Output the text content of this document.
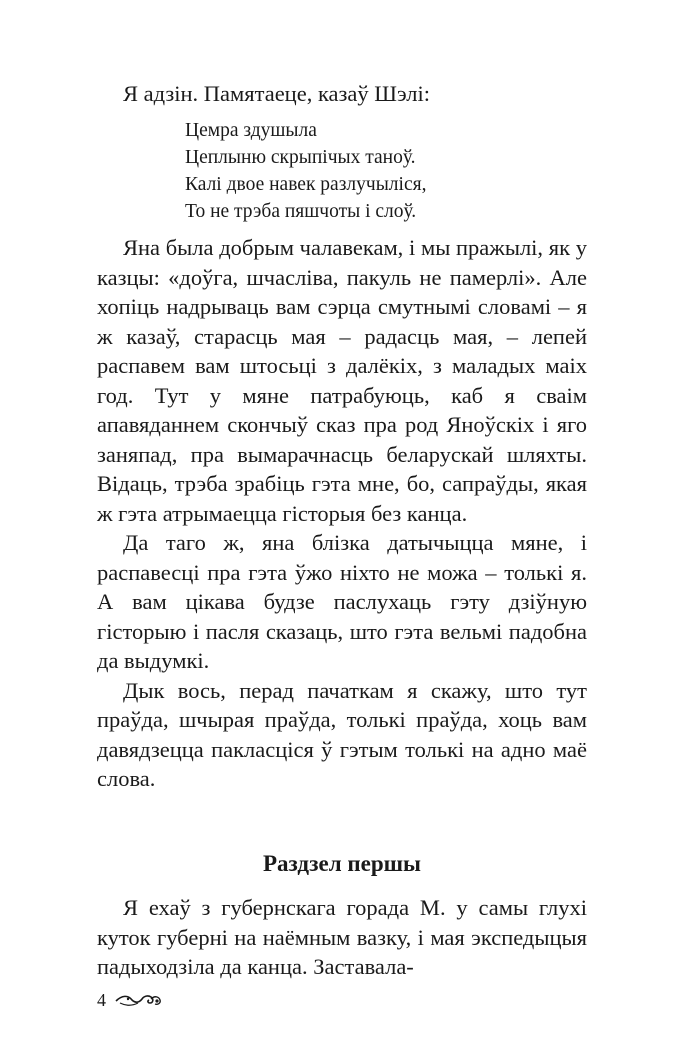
Я адзін. Памятаеце, казаў Шэлі:
Цемра здушыла
Цеплыню скрыпічых таноў.
Калі двое навек разлучыліся,
То не трэба пяшчоты і слоў.

Яна была добрым чалавекам, і мы пражылі, як у казцы: «доўга, шчасліва, пакуль не памерлі». Але хопіць надрываць вам сэрца смутнымі словамі – я ж казаў, старасць мая – радасць мая, – лепей распавем вам штосьці з далёкіх, з маладых маіх год. Тут у мяне патрабуюць, каб я сваім апавяданнем скончыў сказ пра род Яноўскіх і яго заняпад, пра вымарачнасць беларускай шляхты. Відаць, трэба зрабіць гэта мне, бо, сапраўды, якая ж гэта атрымаецца гісторыя без канца.

Да таго ж, яна блізка датычыцца мяне, і распавесці пра гэта ўжо ніхто не можа – толькі я. А вам цікава будзе паслухаць гэту дзіўную гісторыю і пасля сказаць, што гэта вельмі падобна да выдумкі.

Дык вось, перад пачаткам я скажу, што тут праўда, шчырая праўда, толькі праўда, хоць вам давядзецца пакласціся ў гэтым толькі на адно маё слова.

Раздзел першы

Я ехаў з губернскага горада М. у самы глухі куток губерні на наёмным вазку, і мая экспедыцыя падыходзіла да канца. Заставала-

4
